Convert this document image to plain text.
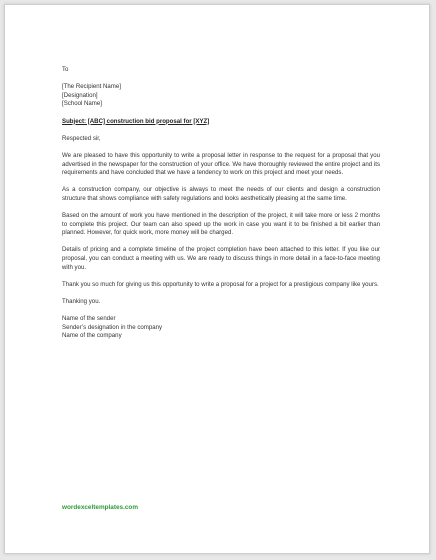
To

[The Recipient Name]

[Designation]

[School Name]

Subject: [ABC] construction bid proposal for [XYZ]

Respected sir,

We are pleased to have this opportunity to write a proposal letter in response to the request for a proposal that you advertised in the newspaper for the construction of your office. We have thoroughly reviewed the entire project and its requirements and have concluded that we have a tendency to work on this project and meet your needs.

As a construction company, our objective is always to meet the needs of our clients and design a construction structure that shows compliance with safety regulations and looks aesthetically pleasing at the same time.

Based on the amount of work you have mentioned in the description of the project, it will take more or less 2 months to complete this project. Our team can also speed up the work in case you want it to be finished a bit earlier than planned. However, for quick work, more money will be charged.

Details of pricing and a complete timeline of the project completion have been attached to this letter. If you like our proposal, you can conduct a meeting with us. We are ready to discuss things in more detail in a face-to-face meeting with you.

Thank you so much for giving us this opportunity to write a proposal for a project for a prestigious company like yours.

Thanking you.

Name of the sender

Sender’s designation in the company

Name of the company

wordexceltemplates.com
